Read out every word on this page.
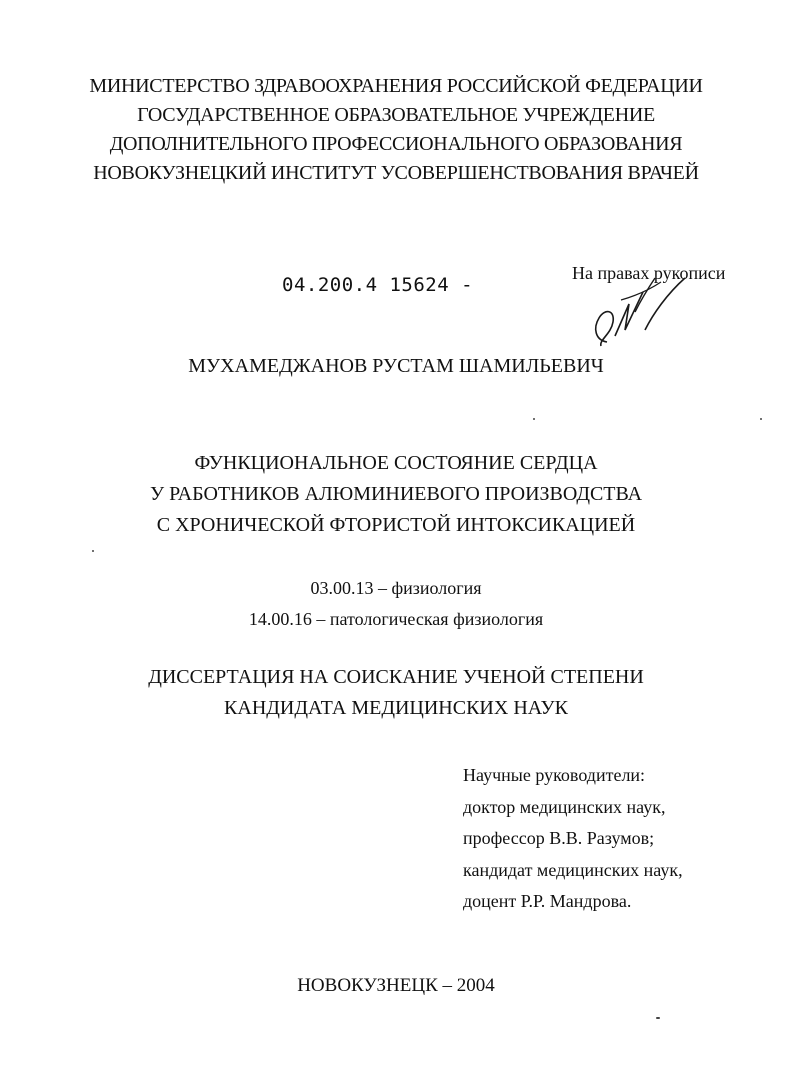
МИНИСТЕРСТВО ЗДРАВООХРАНЕНИЯ РОССИЙСКОЙ ФЕДЕРАЦИИ
ГОСУДАРСТВЕННОЕ ОБРАЗОВАТЕЛЬНОЕ УЧРЕЖДЕНИЕ
ДОПОЛНИТЕЛЬНОГО ПРОФЕССИОНАЛЬНОГО ОБРАЗОВАНИЯ
НОВОКУЗНЕЦКИЙ ИНСТИТУТ УСОВЕРШЕНСТВОВАНИЯ ВРАЧЕЙ
04.200.4 15624 -
На правах рукописи
МУХАМЕДЖАНОВ РУСТАМ ШАМИЛЬЕВИЧ
ФУНКЦИОНАЛЬНОЕ СОСТОЯНИЕ СЕРДЦА
У РАБОТНИКОВ АЛЮМИНИЕВОГО ПРОИЗВОДСТВА
С ХРОНИЧЕСКОЙ ФТОРИСТОЙ ИНТОКСИКАЦИЕЙ
03.00.13 – физиология
14.00.16 – патологическая физиология
ДИССЕРТАЦИЯ НА СОИСКАНИЕ УЧЕНОЙ СТЕПЕНИ
КАНДИДАТА МЕДИЦИНСКИХ НАУК
Научные руководители:
доктор медицинских наук,
профессор В.В. Разумов;
кандидат медицинских наук,
доцент Р.Р. Мандрова.
НОВОКУЗНЕЦК – 2004
